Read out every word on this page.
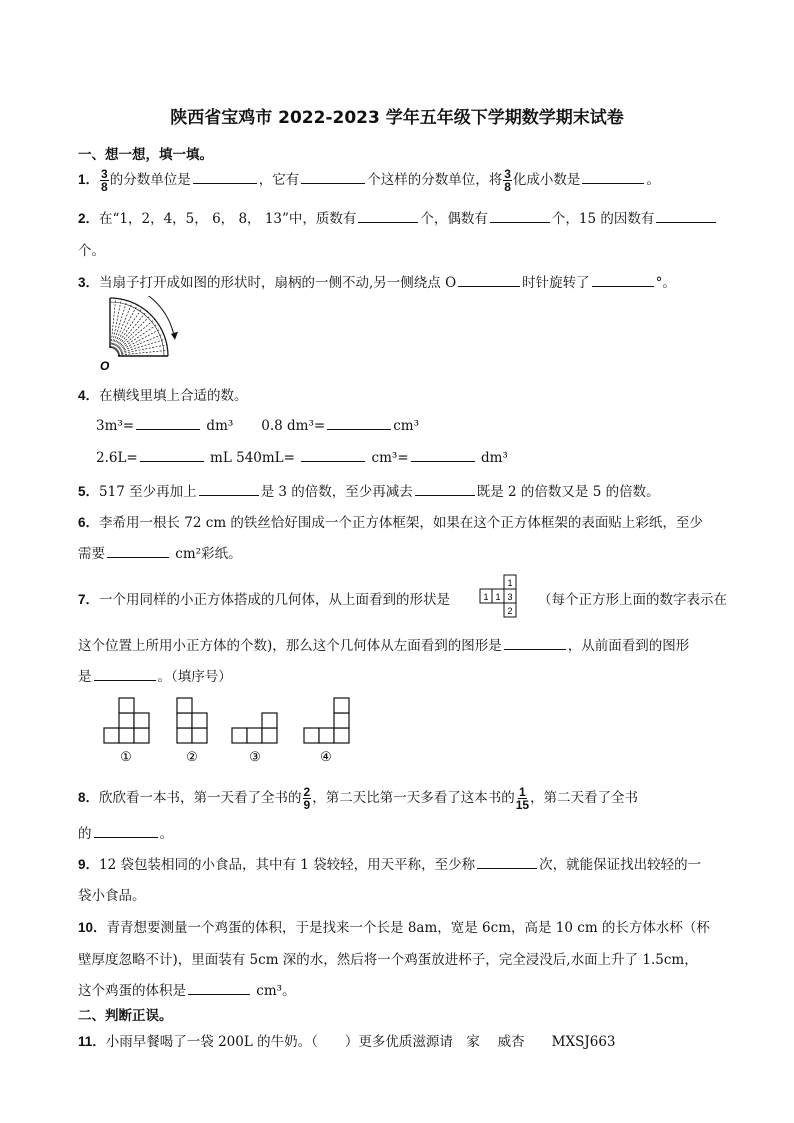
陕西省宝鸡市 2022-2023 学年五年级下学期数学期末试卷
一、想一想，填一填。
1． $\frac{3}{8}$ 的分数单位是	，它有	个这样的分数单位，将 $\frac{3}{8}$ 化成小数是	。
2．在“1，2，4，5， 6， 8， 13”中，质数有	个，偶数有	个，15 的因数有
个。
3．当扇子打开成如图的形状时，扇柄的一侧不动,另一侧绕点 O	时针旋转了	°。
O
4．在横线里填上合适的数。
3m³=	dm³ 0.8 dm³=	cm³
2.6L=	mL 540mL=	cm³=	dm³
5．517 至少再加上	是 3 的倍数，至少再减去	既是 2 的倍数又是 5 的倍数。
6．李希用一根长 72 cm 的铁丝恰好围成一个正方体框架，如果在这个正方体框架的表面贴上彩纸，至少
需要	cm²彩纸。
7．一个用同样的小正方体搭成的几何体，从上面看到的形状是	1 1
1
3
2
（每个正方形上面的数字表示在
这个位置上所用小正方体的个数)，那么这个几何体从左面看到的图形是	，从前面看到的图形
是	。（填序号）
①	②	③	④
8．欣欣看一本书，第一天看了全书的 $\frac{2}{9}$ ，第二天比第一天多看了这本书的 $\frac{1}{15}$ ，第二天看了全书
的	。
9．12 袋包装相同的小食品，其中有 1 袋较轻，用天平称，至少称	次，就能保证找出较轻的一
袋小食品。
10．青青想要测量一个鸡蛋的体积，于是找来一个长是 8am，宽是 6cm，高是 10 cm 的长方体水杯（杯
壁厚度忽略不计)，里面装有 5cm 深的水，然后将一个鸡蛋放进杯子，完全浸没后,水面上升了 1.5cm，
这个鸡蛋的体积是	cm³。
二、判断正误。
11．小雨早餐喝了一袋 200L 的牛奶。（　　）更多优质滋源请　家　 威杏　　MXSJ663
